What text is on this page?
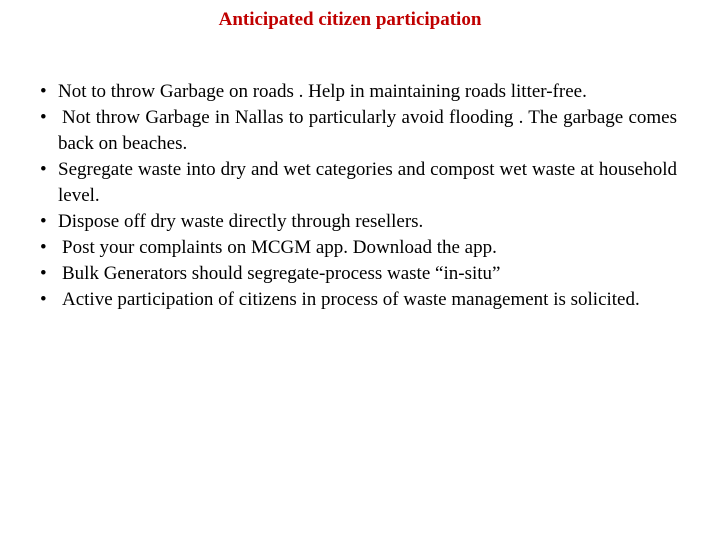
Anticipated citizen participation
• Not to throw Garbage on roads . Help in maintaining roads litter-free.
• Not throw Garbage in Nallas to particularly avoid flooding . The garbage comes back on beaches.
• Segregate waste into dry and wet categories and compost wet waste at household level.
• Dispose off dry waste directly through resellers.
• Post your complaints on MCGM app. Download the app.
• Bulk Generators should segregate-process waste “in-situ”
• Active participation of citizens in process of waste management is solicited.
